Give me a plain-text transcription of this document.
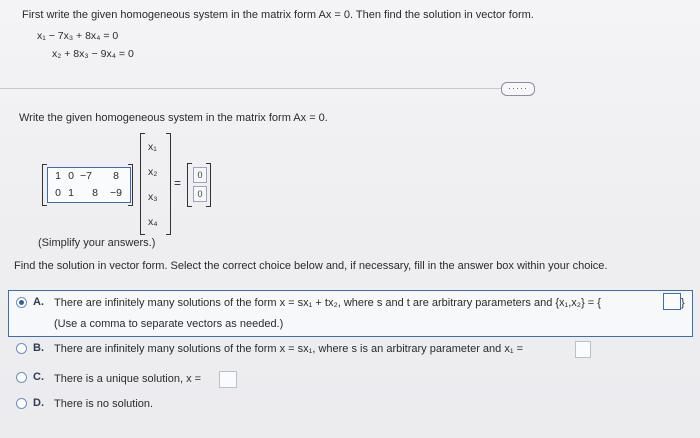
First write the given homogeneous system in the matrix form Ax = 0. Then find the solution in vector form.
x₁ − 7x₃ + 8x₄ = 0
x₂ + 8x₃ − 9x₄ = 0
·····
Write the given homogeneous system in the matrix form Ax = 0.
1 0 −7	8
0 1	8 −9
x₁
x₂
x₃
x₄
=
0
0
(Simplify your answers.)
Find the solution in vector form. Select the correct choice below and, if necessary, fill in the answer box within your choice.
A. There are infinitely many solutions of the form x = sx₁ + tx₂, where s and t are arbitrary parameters and {x₁,x₂} = {	}
(Use a comma to separate vectors as needed.)
B. There are infinitely many solutions of the form x = sx₁, where s is an arbitrary parameter and x₁ =
C. There is a unique solution, x =
D. There is no solution.
